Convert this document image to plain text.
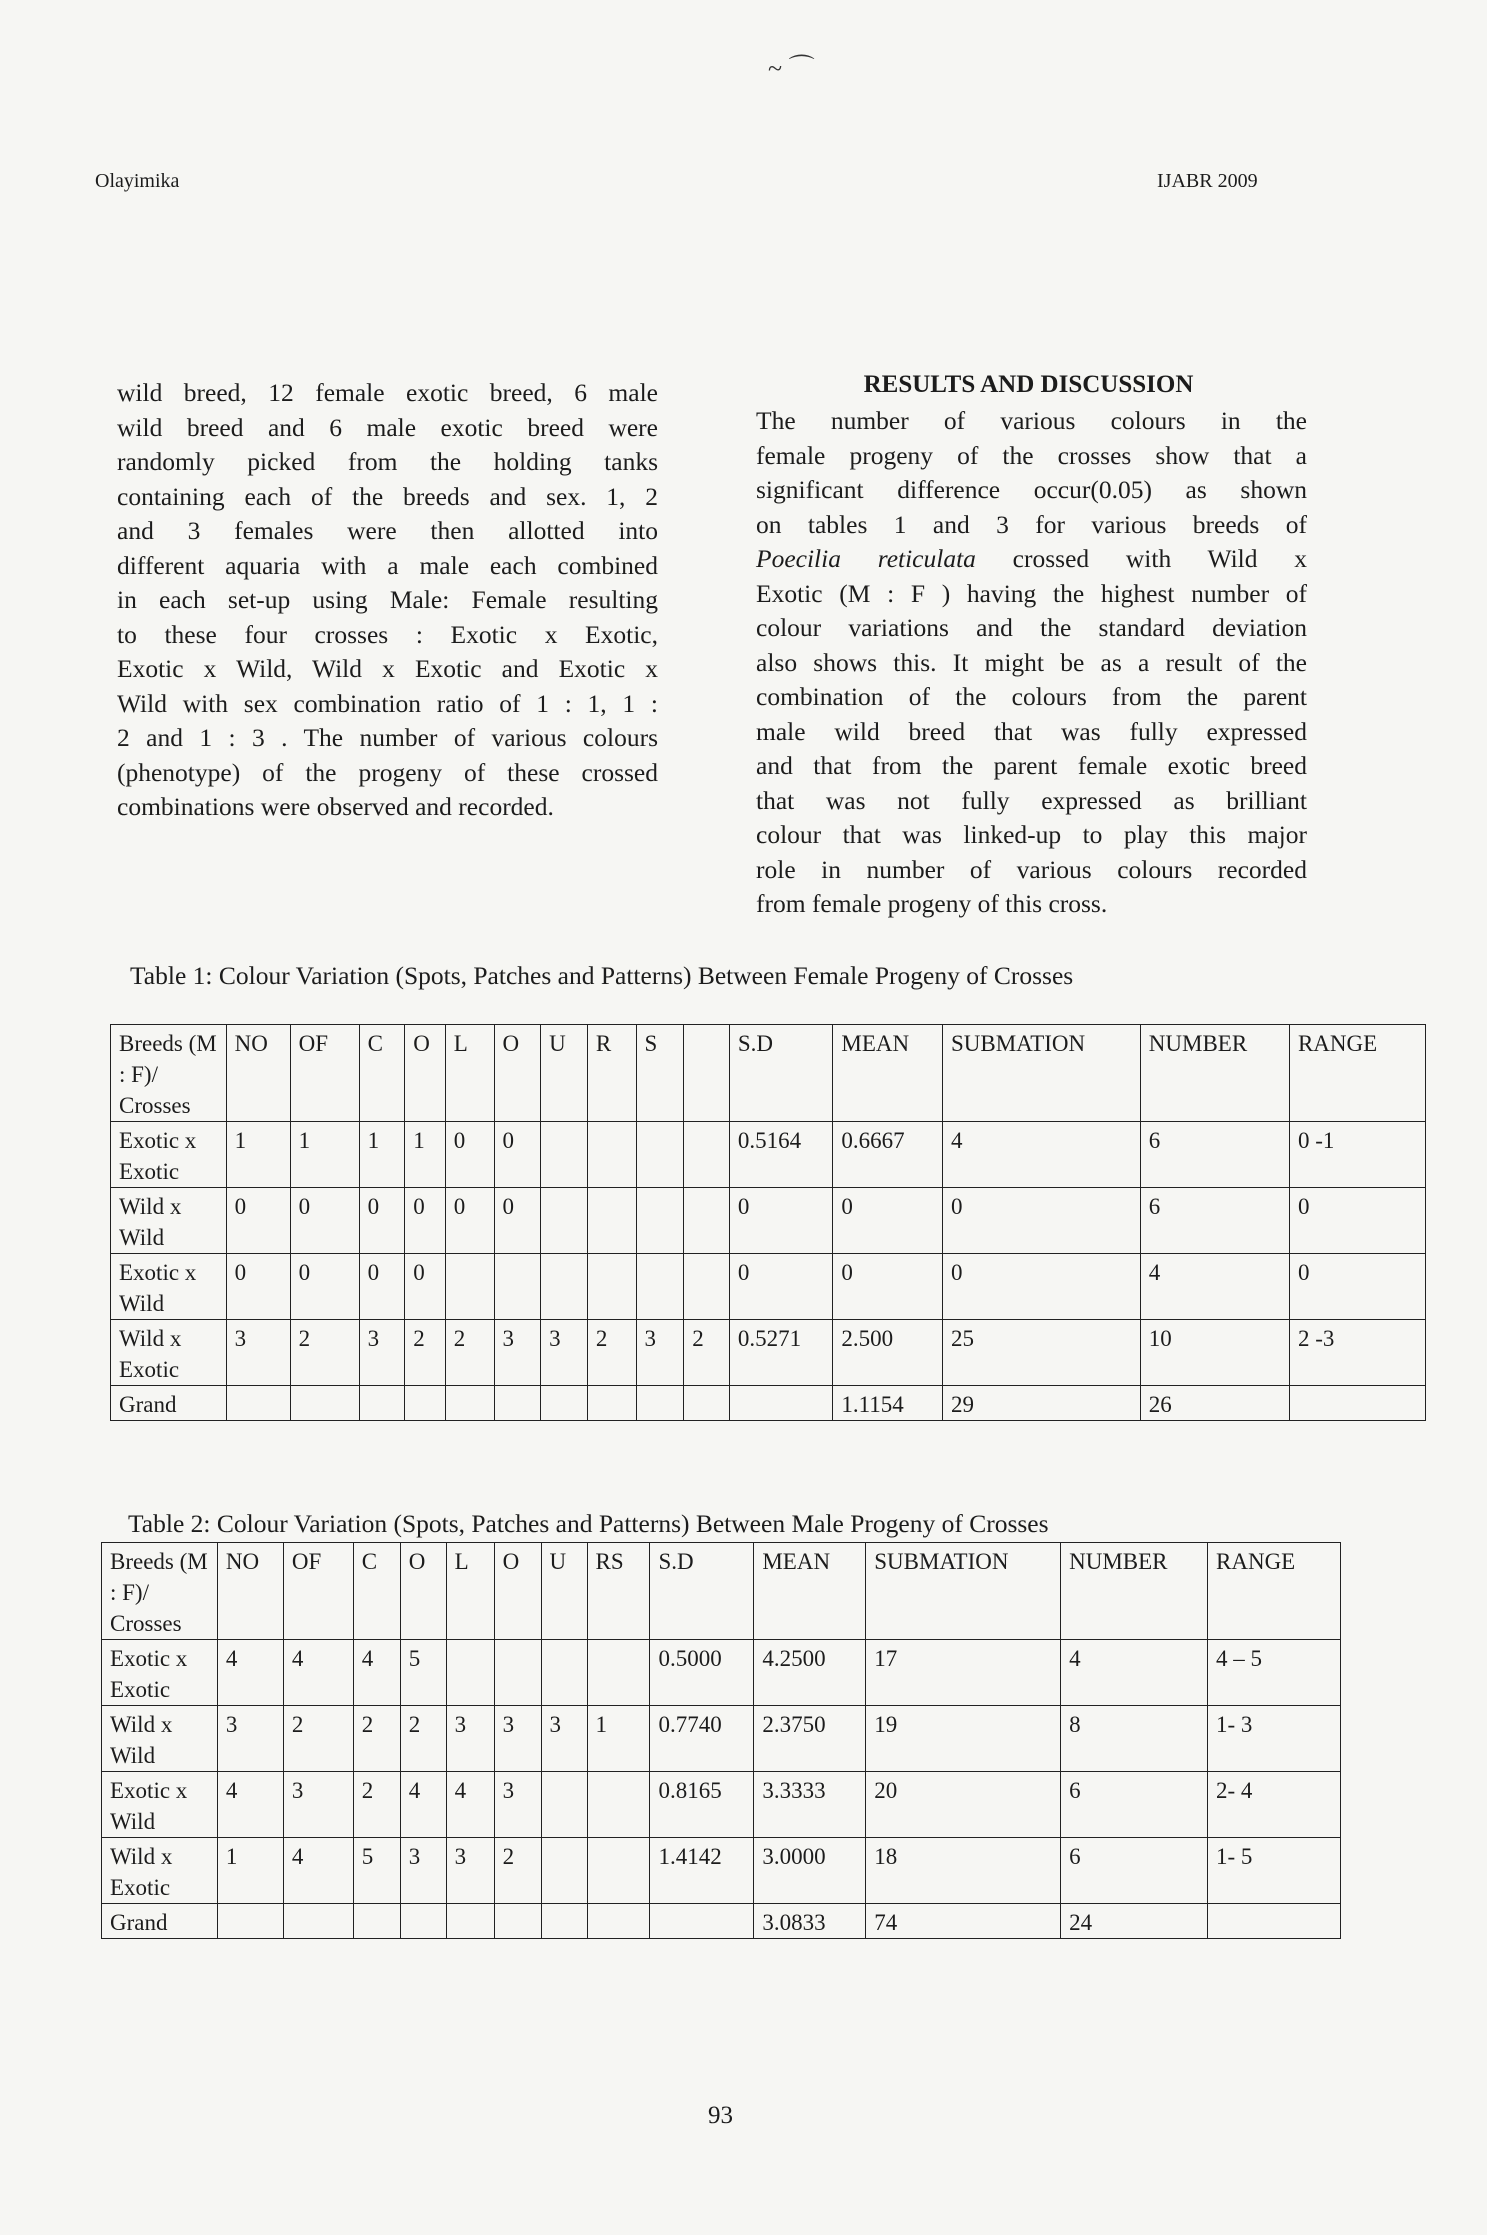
~ ⌒
Olayimika	IJABR 2009
wild breed, 12 female exotic breed, 6 male
wild breed and 6 male exotic breed were
randomly picked from the holding tanks
containing each of the breeds and sex. 1, 2
and 3 females were then allotted into
different aquaria with a male each combined
in each set-up using Male: Female resulting
to these four crosses : Exotic x Exotic,
Exotic x Wild, Wild x Exotic and Exotic x
Wild with sex combination ratio of 1 : 1, 1 :
2 and 1 : 3 . The number of various colours
(phenotype) of the progeny of these crossed
combinations were observed and recorded.
RESULTS AND DISCUSSION
The number of various colours in the
female progeny of the crosses show that a
significant difference occur(0.05) as shown
on tables 1 and 3 for various breeds of
Poecilia reticulata crossed with Wild x
Exotic (M : F ) having the highest number of
colour variations and the standard deviation
also shows this. It might be as a result of the
combination of the colours from the parent
male wild breed that was fully expressed
and that from the parent female exotic breed
that was not fully expressed as brilliant
colour that was linked-up to play this major
role in number of various colours recorded
from female progeny of this cross.
Table 1: Colour Variation (Spots, Patches and Patterns) Between Female Progeny of Crosses
Breeds (M : F)/ Crosses	NO	OF	C	O	L	O	U	R	S		S.D	MEAN	SUBMATION	NUMBER	RANGE
Exotic x Exotic	1	1	1	1	0	0					0.5164	0.6667	4	6	0 -1
Wild x Wild	0	0	0	0	0	0					0	0	0	6	0
Exotic x Wild	0	0	0	0							0	0	0	4	0
Wild x Exotic	3	2	3	2	2	3	3	2	3	2	0.5271	2.500	25	10	2 -3
Grand												1.1154	29	26	
Table 2: Colour Variation (Spots, Patches and Patterns) Between Male Progeny of Crosses
Breeds (M : F)/ Crosses	NO	OF	C	O	L	O	U	RS	S.D	MEAN	SUBMATION	NUMBER	RANGE
Exotic x Exotic	4	4	4	5					0.5000	4.2500	17	4	4 – 5
Wild x Wild	3	2	2	2	3	3	3	1	0.7740	2.3750	19	8	1- 3
Exotic x Wild	4	3	2	4	4	3			0.8165	3.3333	20	6	2- 4
Wild x Exotic	1	4	5	3	3	2			1.4142	3.0000	18	6	1- 5
Grand										3.0833	74	24	
93
